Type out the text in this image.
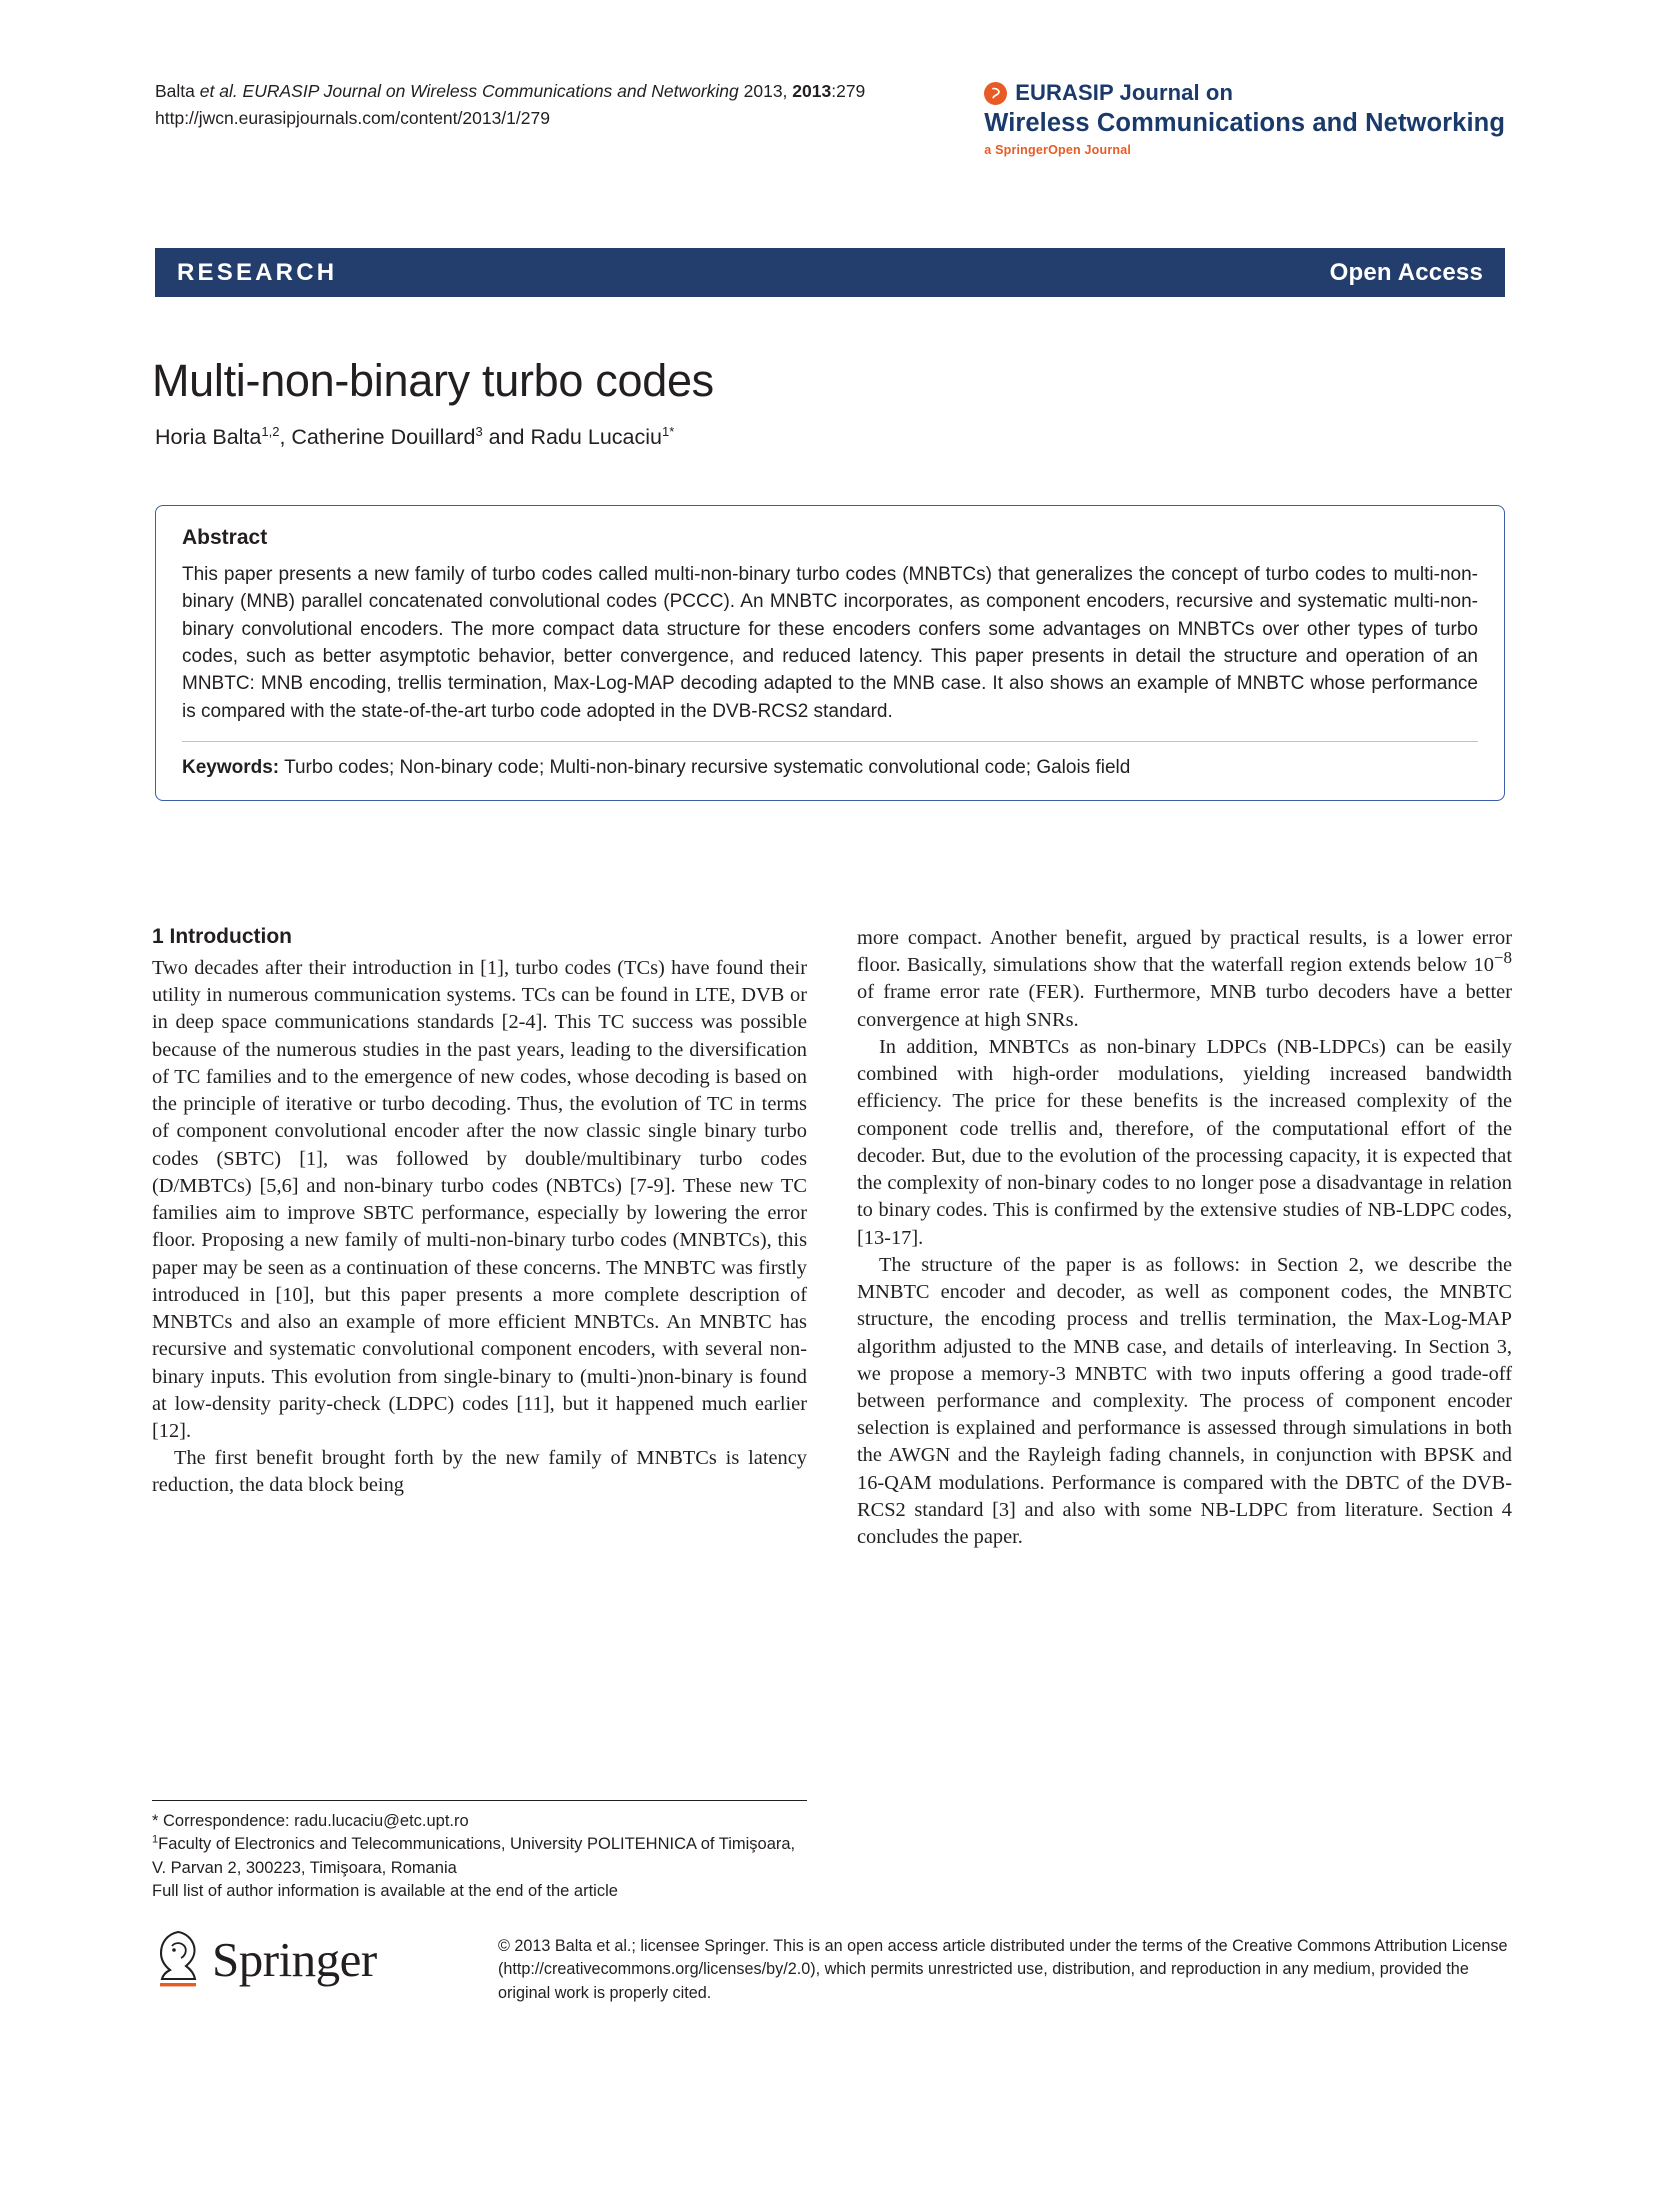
Balta et al. EURASIP Journal on Wireless Communications and Networking 2013, 2013:279
http://jwcn.eurasipjournals.com/content/2013/1/279
EURASIP Journal on
Wireless Communications and Networking
a SpringerOpen Journal
RESEARCH	Open Access
Multi-non-binary turbo codes
Horia Balta$^{1,2}$, Catherine Douillard$^3$ and Radu Lucaciu$^{1*}$
Abstract
This paper presents a new family of turbo codes called multi-non-binary turbo codes (MNBTCs) that generalizes the concept of turbo codes to multi-non-binary (MNB) parallel concatenated convolutional codes (PCCC). An MNBTC incorporates, as component encoders, recursive and systematic multi-non-binary convolutional encoders. The more compact data structure for these encoders confers some advantages on MNBTCs over other types of turbo codes, such as better asymptotic behavior, better convergence, and reduced latency. This paper presents in detail the structure and operation of an MNBTC: MNB encoding, trellis termination, Max-Log-MAP decoding adapted to the MNB case. It also shows an example of MNBTC whose performance is compared with the state-of-the-art turbo code adopted in the DVB-RCS2 standard.
Keywords: Turbo codes; Non-binary code; Multi-non-binary recursive systematic convolutional code; Galois field
1 Introduction

Two decades after their introduction in [1], turbo codes (TCs) have found their utility in numerous communication systems. TCs can be found in LTE, DVB or in deep space communications standards [2-4]. This TC success was possible because of the numerous studies in the past years, leading to the diversification of TC families and to the emergence of new codes, whose decoding is based on the principle of iterative or turbo decoding. Thus, the evolution of TC in terms of component convolutional encoder after the now classic single binary turbo codes (SBTC) [1], was followed by double/multibinary turbo codes (D/MBTCs) [5,6] and non-binary turbo codes (NBTCs) [7-9]. These new TC families aim to improve SBTC performance, especially by lowering the error floor. Proposing a new family of multi-non-binary turbo codes (MNBTCs), this paper may be seen as a continuation of these concerns. The MNBTC was firstly introduced in [10], but this paper presents a more complete description of MNBTCs and also an example of more efficient MNBTCs. An MNBTC has recursive and systematic convolutional component encoders, with several non-binary inputs. This evolution from single-binary to (multi-)non-binary is found at low-density parity-check (LDPC) codes [11], but it happened much earlier [12].

The first benefit brought forth by the new family of MNBTCs is latency reduction, the data block being

more compact. Another benefit, argued by practical results, is a lower error floor. Basically, simulations show that the waterfall region extends below $10^{-8}$ of frame error rate (FER). Furthermore, MNB turbo decoders have a better convergence at high SNRs.

In addition, MNBTCs as non-binary LDPCs (NB-LDPCs) can be easily combined with high-order modulations, yielding increased bandwidth efficiency. The price for these benefits is the increased complexity of the component code trellis and, therefore, of the computational effort of the decoder. But, due to the evolution of the processing capacity, it is expected that the complexity of non-binary codes to no longer pose a disadvantage in relation to binary codes. This is confirmed by the extensive studies of NB-LDPC codes, [13-17].

The structure of the paper is as follows: in Section 2, we describe the MNBTC encoder and decoder, as well as component codes, the MNBTC structure, the encoding process and trellis termination, the Max-Log-MAP algorithm adjusted to the MNB case, and details of interleaving. In Section 3, we propose a memory-3 MNBTC with two inputs offering a good trade-off between performance and complexity. The process of component encoder selection is explained and performance is assessed through simulations in both the AWGN and the Rayleigh fading channels, in conjunction with BPSK and 16-QAM modulations. Performance is compared with the DBTC of the DVB-RCS2 standard [3] and also with some NB-LDPC from literature. Section 4 concludes the paper.

* Correspondence: radu.lucaciu@etc.upt.ro
$^1$Faculty of Electronics and Telecommunications, University POLITEHNICA of Timişoara, V. Parvan 2, 300223, Timişoara, Romania
Full list of author information is available at the end of the article
Springer	© 2013 Balta et al.; licensee Springer. This is an open access article distributed under the terms of the Creative Commons Attribution License (http://creativecommons.org/licenses/by/2.0), which permits unrestricted use, distribution, and reproduction in any medium, provided the original work is properly cited.
